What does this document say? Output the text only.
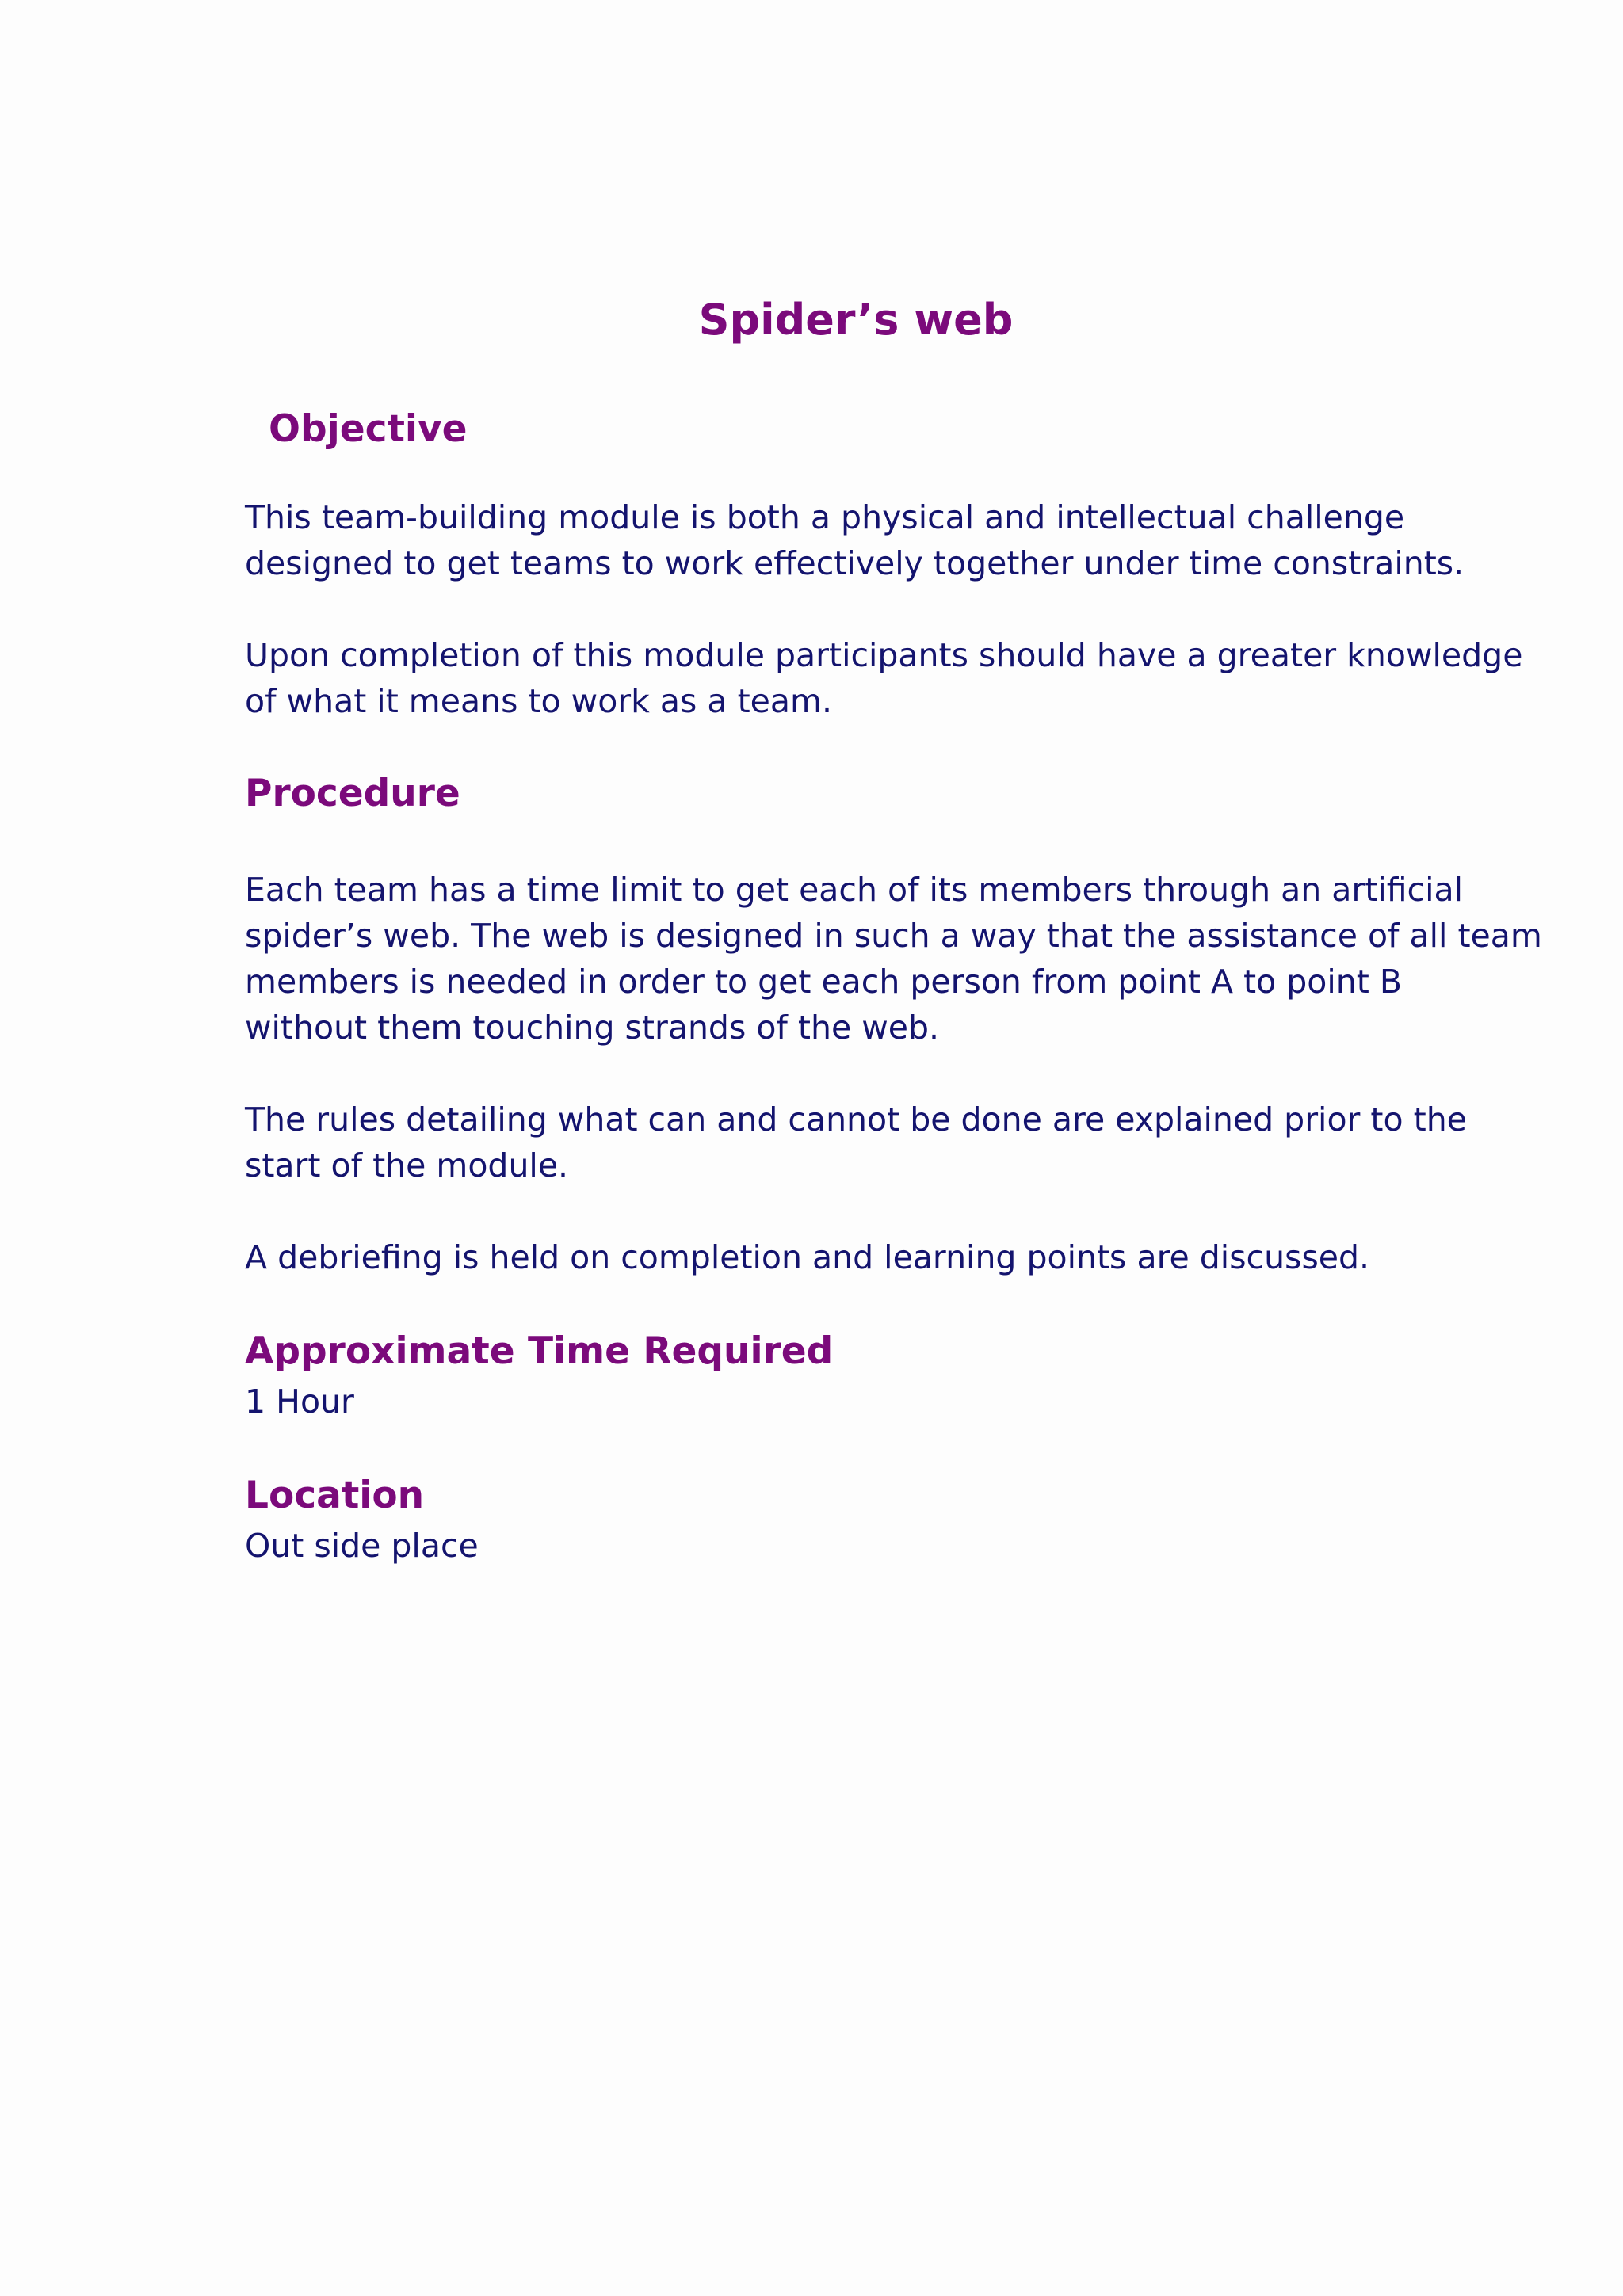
Spider’s web
Objective

This team-building module is both a physical and intellectual challenge
designed to get teams to work effectively together under time constraints.

Upon completion of this module participants should have a greater knowledge
of what it means to work as a team.

Procedure

Each team has a time limit to get each of its members through an artificial
spider’s web. The web is designed in such a way that the assistance of all team
members is needed in order to get each person from point A to point B
without them touching strands of the web.

The rules detailing what can and cannot be done are explained prior to the
start of the module.

A debriefing is held on completion and learning points are discussed.

Approximate Time Required

1 Hour

Location

Out side place
